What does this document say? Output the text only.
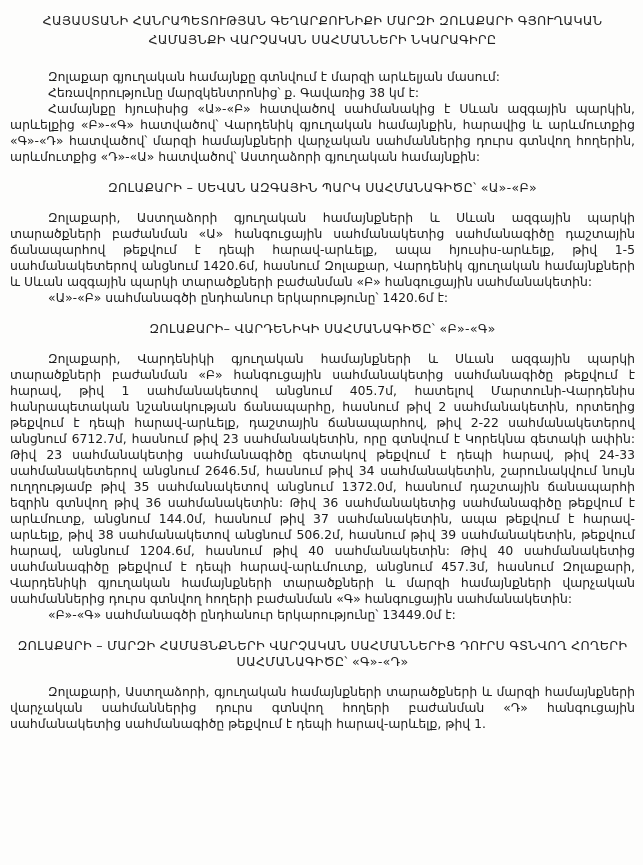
ՀԱՅԱՍՏԱՆԻ ՀԱՆՐԱՊԵՏՈՒԹՅԱՆ ԳԵՂԱՐՔՈՒՆԻՔԻ ՄԱՐԶԻ ԶՈԼԱՔԱՐԻ ԳՅՈՒՂԱԿԱՆ
ՀԱՄԱՅՆՔԻ ՎԱՐՉԱԿԱՆ ՍԱՀՄԱՆՆԵՐԻ ՆԿԱՐԱԳԻՐԸ

Զոլաքար գյուղական համայնքը գտնվում է մարզի արևելյան մասում:

Հեռավորությունը մարզկենտրոնից՝ ք. Գավառից 38 կմ է:

Համայնքը հյուսիսից «Ա»-«Բ» հատվածով սահմանակից է Սևան ազգային պարկին, արևելքից «Բ»-«Գ» հատվածով՝ Վարդենիկ գյուղական համայնքին, հարավից և արևմուտքից «Գ»-«Դ» հատվածով՝ մարզի համայնքների վարչական սահմաններից դուրս գտնվող հողերին, արևմուտքից «Դ»-«Ա» հատվածով՝ Աստղաձորի գյուղական համայնքին:

ԶՈԼԱՔԱՐԻ – ՍԵՎԱՆ ԱԶԳԱՅԻՆ ՊԱՐԿ ՍԱՀՄԱՆԱԳԻԾԸ՝ «Ա»-«Բ»

Զոլաքարի, Աստղաձորի գյուղական համայնքների և Սևան ազգային պարկի տարածքների բաժանման «Ա» հանգուցային սահմանակետից սահմանագիծը դաշտային ճանապարհով թեքվում է դեպի հարավ-արևելք, ապա հյուսիս-արևելք, թիվ 1-5 սահմանակետերով անցնում 1420.6մ, հասնում Զոլաքար, Վարդենիկ գյուղական համայնքների և Սևան ազգային պարկի տարածքների բաժանման «Բ» հանգուցային սահմանակետին:

«Ա»-«Բ» սահմանագծի ընդհանուր երկարությունը՝ 1420.6մ է:

ԶՈԼԱՔԱՐԻ– ՎԱՐԴԵՆԻԿԻ ՍԱՀՄԱՆԱԳԻԾԸ՝ «Բ»-«Գ»

Զոլաքարի, Վարդենիկի գյուղական համայնքների և Սևան ազգային պարկի տարածքների բաժանման «Բ» հանգուցային սահմանակետից սահմանագիծը թեքվում է հարավ, թիվ 1 սահմանակետով անցնում 405.7մ, հատելով Մարտունի-Վարդենիս հանրապետական նշանակության ճանապարհը, հասնում թիվ 2 սահմանակետին, որտեղից թեքվում է դեպի հարավ-արևելք, դաշտային ճանապարհով, թիվ 2-22 սահմանակետերով անցնում 6712.7մ, հասնում թիվ 23 սահմանակետին, որը գտնվում է Կորեկնա գետակի ափին: Թիվ 23 սահմանակետից սահմանագիծը գետակով թեքվում է դեպի հարավ, թիվ 24-33 սահմանակետերով անցնում 2646.5մ, հասնում թիվ 34 սահմանակետին, շարունակվում նույն ուղղությամբ թիվ 35 սահմանակետով անցնում 1372.0մ, հասնում դաշտային ճանապարհի եզրին գտնվող թիվ 36 սահմանակետին: Թիվ 36 սահմանակետից սահմանագիծը թեքվում է արևմուտք, անցնում 144.0մ, հասնում թիվ 37 սահմանակետին, ապա թեքվում է հարավ-արևելք, թիվ 38 սահմանակետով անցնում 506.2մ, հասնում թիվ 39 սահմանակետին, թեքվում հարավ, անցնում 1204.6մ, հասնում թիվ 40 սահմանակետին: Թիվ 40 սահմանակետից սահմանագիծը թեքվում է դեպի հարավ-արևմուտք, անցնում 457.3մ, հասնում Զոլաքարի, Վարդենիկի գյուղական համայնքների տարածքների և մարզի համայնքների վարչական սահմաններից դուրս գտնվող հողերի բաժանման «Գ» հանգուցային սահմանակետին:

«Բ»-«Գ» սահմանագծի ընդհանուր երկարությունը՝ 13449.0մ է:

ԶՈԼԱՔԱՐԻ – ՄԱՐԶԻ ՀԱՄԱՅՆՔՆԵՐԻ ՎԱՐՉԱԿԱՆ ՍԱՀՄԱՆՆԵՐԻՑ ԴՈՒՐՍ ԳՏՆՎՈՂ ՀՈՂԵՐԻ ՍԱՀՄԱՆԱԳԻԾԸ՝ «Գ»-«Դ»

Զոլաքարի, Աստղաձորի, գյուղական համայնքների տարածքների և մարզի համայնքների վարչական սահմաններից դուրս գտնվող հողերի բաժանման «Դ» հանգուցային սահմանակետից սահմանագիծը թեքվում է դեպի հարավ-արևելք, թիվ 1.
